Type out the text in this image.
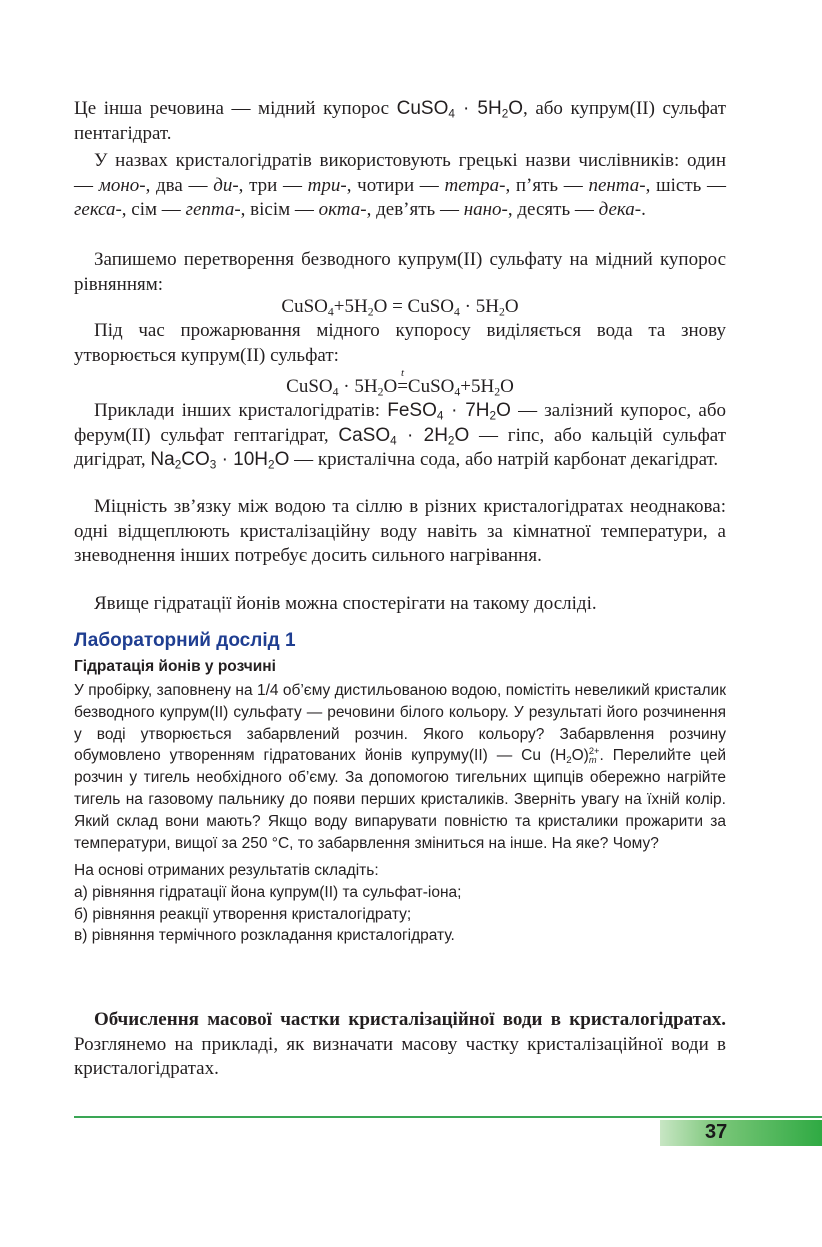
Це інша речовина — мідний купорос CuSO$_4$ · $5H_2O$, або купрум(II) сульфат пентагідрат.

У назвах кристалогідратів використовують грецькі назви числівників: один — моно-, два — ди-, три — три-, чотири — тетра-, п’ять — пента-, шість — гекса-, сім — гепта-, вісім — окта-, дев’ять — нано-, десять — дека-.

Запишемо перетворення безводного купрум(II) сульфату на мідний купорос рівнянням:

$CuSO_4+5H_2O$ = CuSO$_4$ · $5H_2O$

Під час прожарювання мідного купоросу виділяється вода та знову утворюється купрум(II) сульфат:

CuSO$_4$ · $5H_2O$
t
$=CuSO_4+5H_2O$

Приклади інших кристалогідратів: FeSO$_4$ · $7H_2O$ — залізний купорос, або ферум(II) сульфат гептагідрат, CaSO$_4$ · $2H_2O$ — гіпс, або кальцій сульфат дигідрат, $Na_2CO_3 \cdot 10H_2O$ — кристалічна сода, або натрій карбонат декагідрат.

Міцність зв’язку між водою та сіллю в різних кристалогідратах неоднакова: одні відщеплюють кристалізаційну воду навіть за кімнатної температури, а зневоднення інших потребує досить сильного нагрівання.

Явище гідратації йонів можна спостерігати на такому досліді.

Лабораторний дослід 1

Гідратація йонів у розчині

У пробірку, заповнену на 1/4 об’єму дистильованою водою, помістіть невеликий кристалик безводного купрум(ІІ) сульфату — речовини білого кольору. У результаті його розчинення у воді утворюється забарвлений розчин. Якого кольору? Забарвлення розчину обумовлено утворенням гідратованих йонів купруму(ІІ) — Cu $(H_2O)$ 2+
m . Перелийте цей розчин у тигель необхідного об’єму. За допомогою тигельних щипців обережно нагрійте тигель на газовому пальнику до появи перших кристаликів. Зверніть увагу на їхній колір. Який склад вони мають? Якщо воду випарувати повністю та кристалики прожарити за температури, вищої за 250 °С, то забарвлення зміниться на інше. На яке? Чому?

На основі отриманих результатів складіть:

а) рівняння гідратації йона купрум(ІІ) та сульфат-іона;
б) рівняння реакції утворення кристалогідрату;
в) рівняння термічного розкладання кристалогідрату.

Обчислення масової частки кристалізаційної води в кристалогідратах. Розглянемо на прикладі, як визначати масову частку кристалізаційної води в кристалогідратах.

37
